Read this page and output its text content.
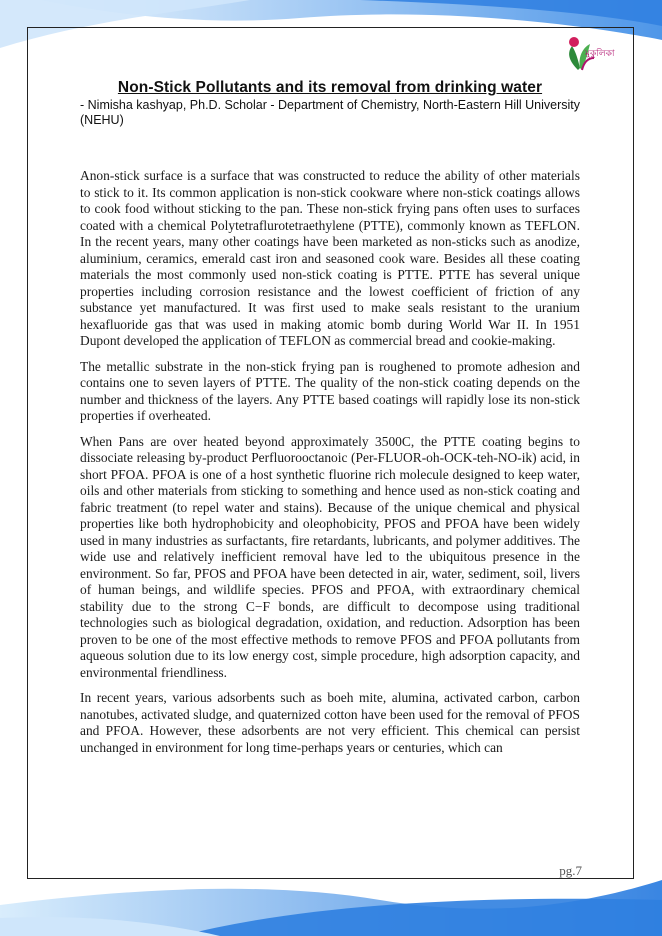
মুকুলিকা
Non-Stick Pollutants and its removal from drinking water

- Nimisha kashyap, Ph.D. Scholar - Department of Chemistry, North-Eastern Hill University (NEHU)

Anon-stick surface is a surface that was constructed to reduce the ability of other materials to stick to it. Its common application is non-stick cookware where non-stick coatings allows to cook food without sticking to the pan. These non-stick frying pans often uses to surfaces coated with a chemical Polytetraflurotetraethylene (PTTE), commonly known as TEFLON. In the recent years, many other coatings have been marketed as non-sticks such as anodize, aluminium, ceramics, emerald cast iron and seasoned cook ware. Besides all these coating materials the most commonly used non-stick coating is PTTE. PTTE has several unique properties including corrosion resistance and the lowest coefficient of friction of any substance yet manufactured. It was first used to make seals resistant to the uranium hexafluoride gas that was used in making atomic bomb during World War II. In 1951 Dupont developed the application of TEFLON as commercial bread and cookie-making.

The metallic substrate in the non-stick frying pan is roughened to promote adhesion and contains one to seven layers of PTTE. The quality of the non-stick coating depends on the number and thickness of the layers. Any PTTE based coatings will rapidly lose its non-stick properties if overheated.

When Pans are over heated beyond approximately 3500C, the PTTE coating begins to dissociate releasing by-product Perfluorooctanoic (Per-FLUOR-oh-OCK-teh-NO-ik) acid, in short PFOA. PFOA is one of a host synthetic fluorine rich molecule designed to keep water, oils and other materials from sticking to something and hence used as non-stick coating and fabric treatment (to repel water and stains). Because of the unique chemical and physical properties like both hydrophobicity and oleophobicity, PFOS and PFOA have been widely used in many industries as surfactants, fire retardants, lubricants, and polymer additives. The wide use and relatively inefficient removal have led to the ubiquitous presence in the environment. So far, PFOS and PFOA have been detected in air, water, sediment, soil, livers of human beings, and wildlife species. PFOS and PFOA, with extraordinary chemical stability due to the strong C−F bonds, are difficult to decompose using traditional technologies such as biological degradation, oxidation, and reduction. Adsorption has been proven to be one of the most effective methods to remove PFOS and PFOA pollutants from aqueous solution due to its low energy cost, simple procedure, high adsorption capacity, and environmental friendliness.

In recent years, various adsorbents such as boeh mite, alumina, activated carbon, carbon nanotubes, activated sludge, and quaternized cotton have been used for the removal of PFOS and PFOA. However, these adsorbents are not very efficient. This chemical can persist unchanged in environment for long time-perhaps years or centuries, which can

pg.7
